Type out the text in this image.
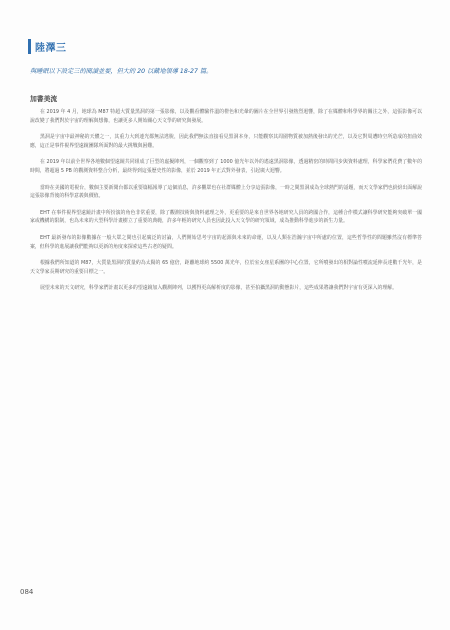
陸澤三
與睡眠以下設定三的閱讀並要，但大的 20 以藏地領導 18-27 篇。
加書美流

在 2019 年 4 月，地球為 M87 特超大質量黑洞的第一張影像，以及觀看體驗件溫的橙色和光暈的圖片在全世界引發熱烈迴響，除了在媒體和科學界的關注之外，這張影像可以說改變了我們對於宇宙的理解與想像，也讓更多人開始關心天文學的研究與發展。

黑洞是宇宙中最神秘的天體之一，其重力大到連光都無法逃脫，因此我們無法直接看見黑洞本身，只能觀察其周圍物質被加熱後發出的光芒，以及它對周遭時空所造成的扭曲效應，這正是事件視界望遠鏡團隊所面對的最大挑戰與困難。

在 2019 年以前全世界各地數個望遠鏡共同組成了巨型的虛擬陣列，一個觀察到了 1000 億光年以外的遙遠黑洞影像，透過精密的時間同步與資料處理，科學家們花費了數年的時間，將超過 5 PB 的觀測資料整合分析，最終得到這張歷史性的影像，並於 2019 年正式對外發表，引起廣大迴響。

當時在美國的電視台，數個主要新聞台都以重要篇幅報導了這個消息，許多觀眾也在社群媒體上分享這張影像，一時之間黑洞成為全球熱門的話題，而天文學家們也紛紛出面解說這張影像背後的科學意義與價值。

EHT 在事件視界望遠鏡計畫中所扮演的角色非常重要，除了觀測技術與資料處理之外，更重要的是來自世界各地研究人員的跨國合作，這種合作模式讓科學研究能夠突破單一國家或機構的限制，也為未來的大型科學計畫樹立了重要的典範，許多年輕的研究人員也因此投入天文學的研究領域，成為推動科學進步的新生力量。

EHT 最新發布的影像數據在一般大眾之間也引起廣泛的討論，人們開始思考宇宙的起源與未來的命運，以及人類在浩瀚宇宙中所處的位置，這些哲學性的問題雖然沒有標準答案，但科學的進展讓我們能夠以更新的角度來探索這些古老的疑問。

根據我們所知道的 M87，大質量黑洞的質量約為太陽的 65 億倍，距離地球約 5500 萬光年，位於室女座星系團的中心位置，它所噴發出的相對論性噴流延伸長達數千光年，是天文學家長期研究的重要目標之一。

展望未來的天文研究，科學家們計畫以更多的望遠鏡加入觀測陣列，以獲得更高解析度的影像，甚至拍攝黑洞的動態影片，這些成果將讓我們對宇宙有更深入的理解。

084
